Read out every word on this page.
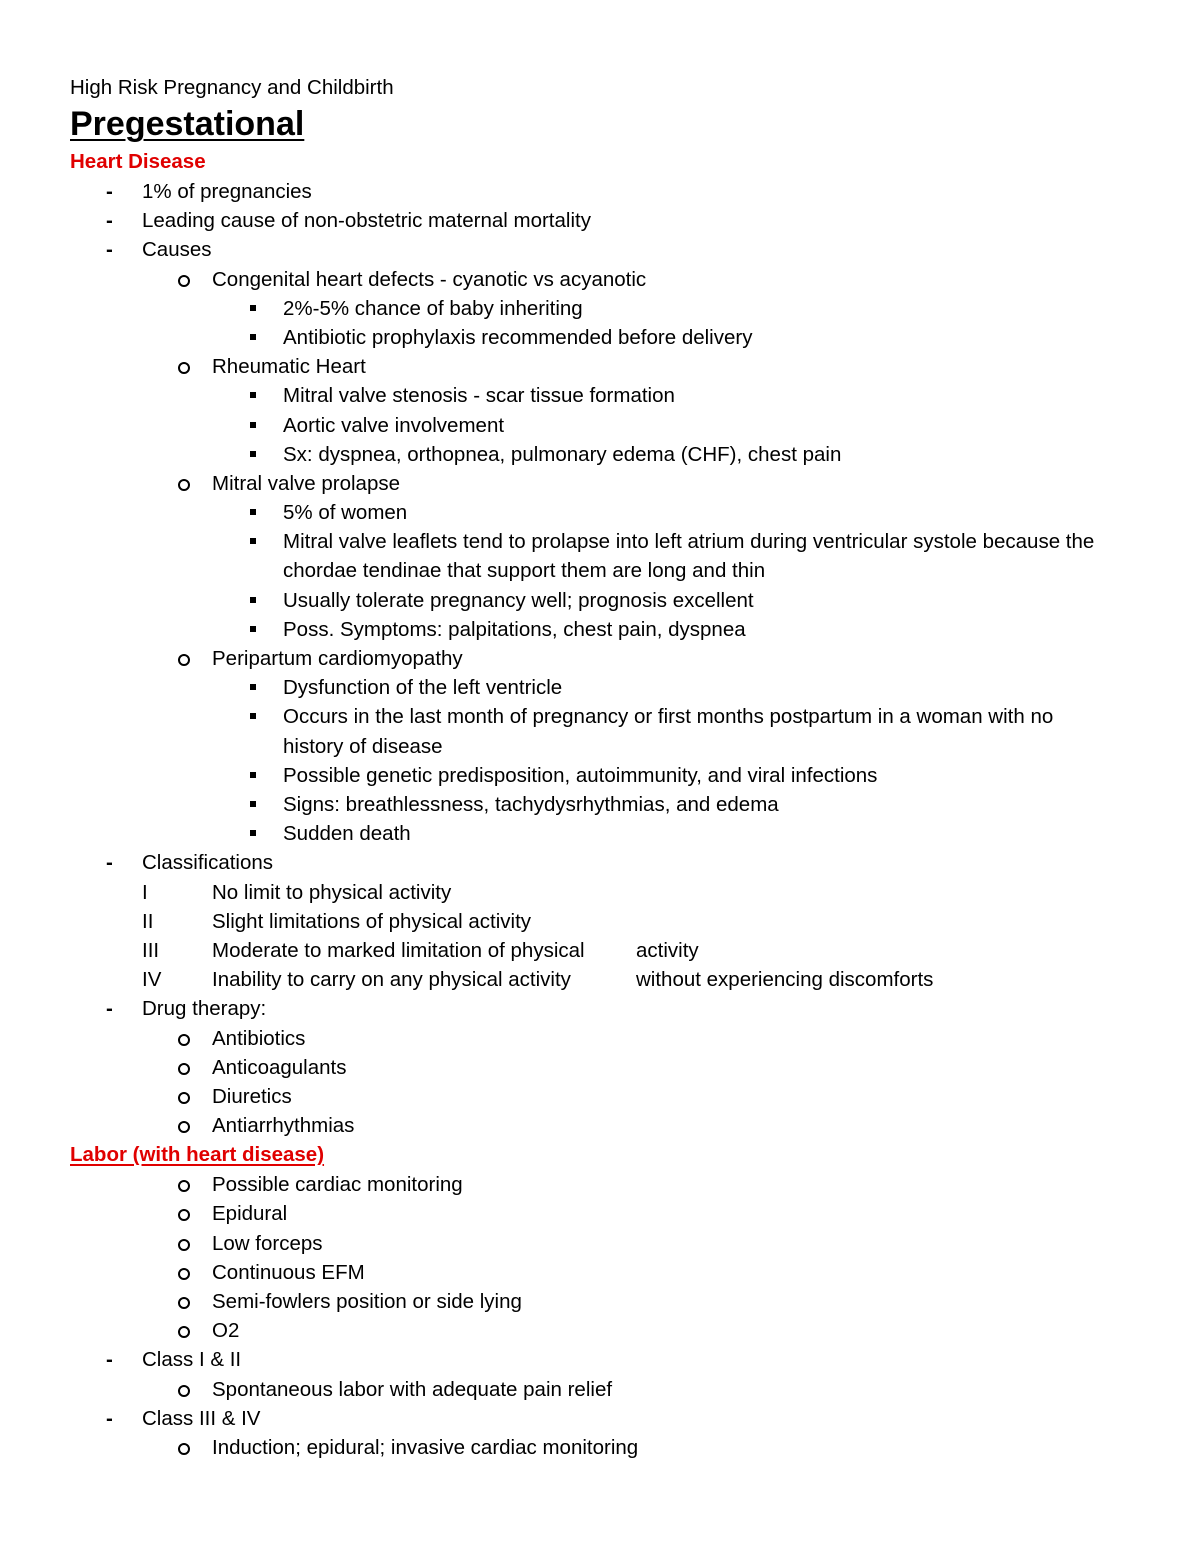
High Risk Pregnancy and Childbirth
Pregestational
Heart Disease
- 1% of pregnancies
- Leading cause of non-obstetric maternal mortality
- Causes
Congenital heart defects - cyanotic vs acyanotic
2%-5% chance of baby inheriting
Antibiotic prophylaxis recommended before delivery
Rheumatic Heart
Mitral valve stenosis - scar tissue formation
Aortic valve involvement
Sx: dyspnea, orthopnea, pulmonary edema (CHF), chest pain
Mitral valve prolapse
5% of women
Mitral valve leaflets tend to prolapse into left atrium during ventricular systole because the chordae tendinae that support them are long and thin
Usually tolerate pregnancy well; prognosis excellent
Poss. Symptoms: palpitations, chest pain, dyspnea
Peripartum cardiomyopathy
Dysfunction of the left ventricle
Occurs in the last month of pregnancy or first months postpartum in a woman with no history of disease
Possible genetic predisposition, autoimmunity, and viral infections
Signs: breathlessness, tachydysrhythmias, and edema
Sudden death
- Classifications
I	No limit to physical activity
II	Slight limitations of physical activity
III	Moderate to marked limitation of physical	activity
IV Inability to carry on any physical activity	without experiencing discomforts
- Drug therapy:
Antibiotics
Anticoagulants
Diuretics
Antiarrhythmias
Labor (with heart disease)
Possible cardiac monitoring
Epidural
Low forceps
Continuous EFM
Semi-fowlers position or side lying
O2
- Class I & II
Spontaneous labor with adequate pain relief
- Class III & IV
Induction; epidural; invasive cardiac monitoring
